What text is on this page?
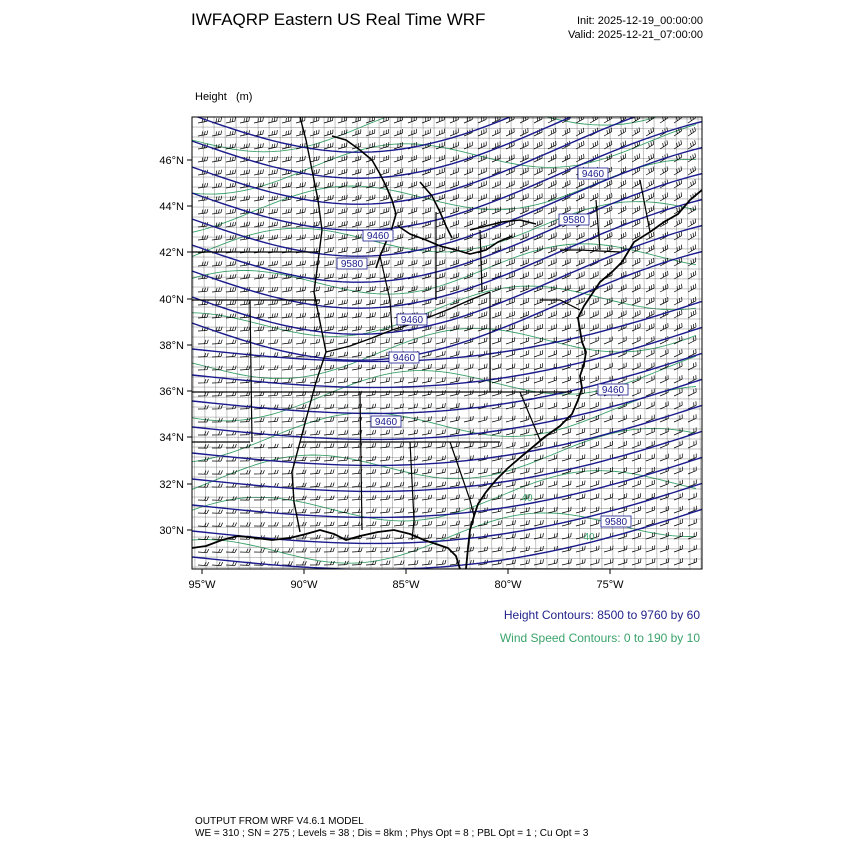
IWFAQRP Eastern US Real Time WRF	Init: 2025-12-19_00:00:00
Valid: 2025-12-21_07:00:00

Height   (m)

46°N
44°N
42°N
40°N
38°N
36°N
34°N
32°N
30°N
95°W	90°W	85°W	80°W	75°W
9460
9580
9460
9580
9460
9460
9460
9460
9580
40
40
Height Contours: 8500 to 9760 by 60
Wind Speed Contours: 0 to 190 by 10
OUTPUT FROM WRF V4.6.1 MODEL
WE = 310 ; SN = 275 ; Levels = 38 ; Dis = 8km ; Phys Opt = 8 ; PBL Opt = 1 ; Cu Opt = 3
